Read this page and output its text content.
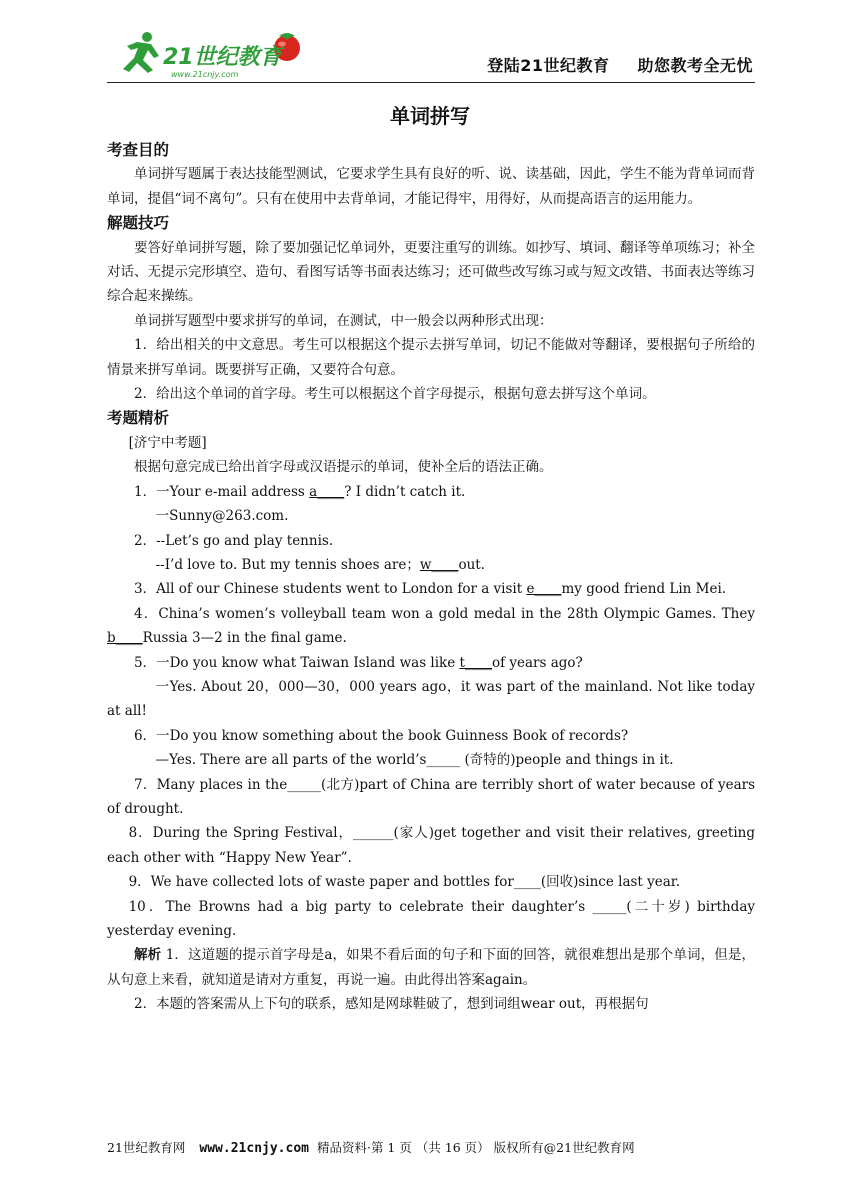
21世纪教育
www.21cnjy.com	登陆21世纪教育 助您教考全无忧
单词拼写

考查目的

单词拼写题属于表达技能型测试，它要求学生具有良好的听、说、读基础，因此，学生不能为背单词而背单词，提倡“词不离句”。只有在使用中去背单词，才能记得牢，用得好，从而提高语言的运用能力。

解题技巧

要答好单词拼写题，除了要加强记忆单词外，更要注重写的训练。如抄写、填词、翻译等单项练习；补全对话、无提示完形填空、造句、看图写话等书面表达练习；还可做些改写练习或与短文改错、书面表达等练习综合起来操练。

单词拼写题型中要求拼写的单词，在测试，中一般会以两种形式出现：

1．给出相关的中文意思。考生可以根据这个提示去拼写单词，切记不能做对等翻译，要根据句子所给的情景来拼写单词。既要拼写正确，又要符合句意。

2．给出这个单词的首字母。考生可以根据这个首字母提示，根据句意去拼写这个单词。

考题精析

[济宁中考题]

根据句意完成已给出首字母或汉语提示的单词，使补全后的语法正确。

1．一Your e-mail address a____? I didn’t catch it.

一Sunny@263.com.

2．--Let’s go and play tennis.

--I’d love to. But my tennis shoes are；w____out.

3．All of our Chinese students went to London for a visit e____my good friend Lin Mei.

4．China’s women’s volleyball team won a gold medal in the 28th Olympic Games. They b____Russia 3—2 in the final game.

5．一Do you know what Taiwan Island was like t____of years ago?

一Yes. About 20，000—30，000 years ago，it was part of the mainland. Not like today at all!

6．一Do you know something about the book Guinness Book of records?

—Yes. There are all parts of the world’s_____ (奇特的)people and things in it.

7．Many places in the_____(北方)part of China are terribly short of water because of years of drought.

8．During the Spring Festival，______(家人)get together and visit their relatives, greeting each other with “Happy New Year”.

9．We have collected lots of waste paper and bottles for____(回收)since last year.

10．The Browns had a big party to celebrate their daughter’s _____(二十岁) birthday yesterday evening.

解析 1．这道题的提示首字母是a，如果不看后面的句子和下面的回答，就很难想出是那个单词，但是，从句意上来看，就知道是请对方重复，再说一遍。由此得出答案again。

2．本题的答案需从上下句的联系，感知是网球鞋破了，想到词组wear out，再根据句

21世纪教育网 www.21cnjy.com 精品资料·第 1 页 （共 16 页） 版权所有@21世纪教育网
